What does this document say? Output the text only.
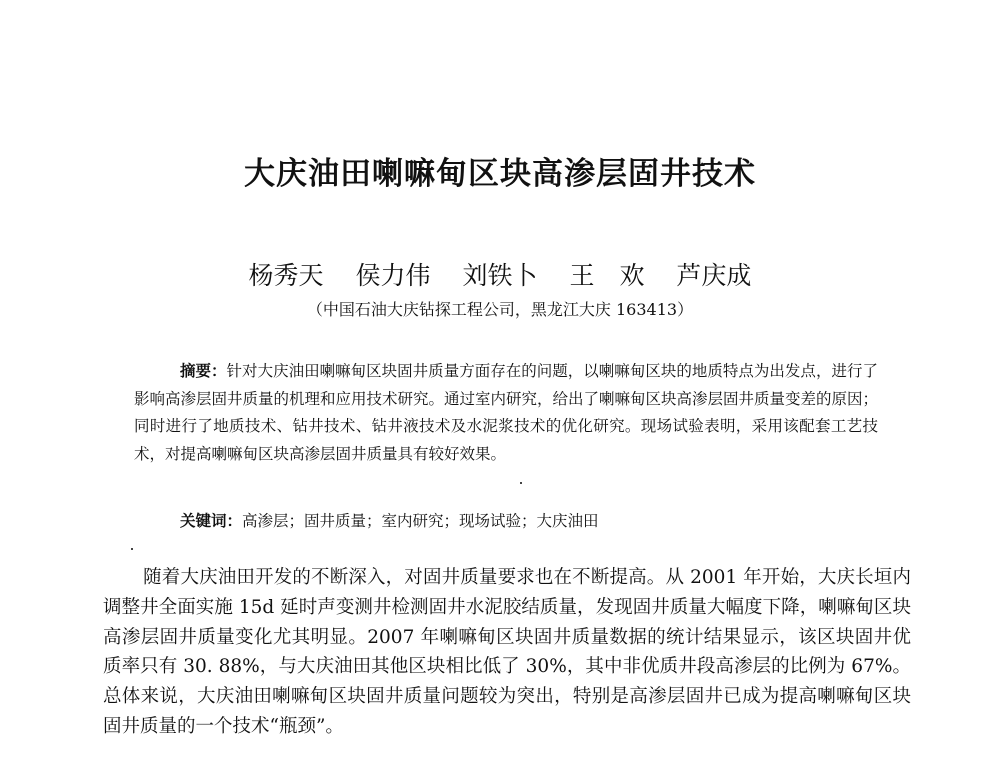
大庆油田喇嘛甸区块高渗层固井技术
杨秀天 侯力伟 刘铁卜 王　欢 芦庆成

（中国石油大庆钻探工程公司，黑龙江大庆 163413）

摘要：针对大庆油田喇嘛甸区块固井质量方面存在的问题，以喇嘛甸区块的地质特点为出发点，进行了影响高渗层固井质量的机理和应用技术研究。通过室内研究，给出了喇嘛甸区块高渗层固井质量变差的原因；同时进行了地质技术、钻井技术、钻井液技术及水泥浆技术的优化研究。现场试验表明，采用该配套工艺技术，对提高喇嘛甸区块高渗层固井质量具有较好效果。

关键词：高渗层；固井质量；室内研究；现场试验；大庆油田

随着大庆油田开发的不断深入，对固井质量要求也在不断提高。从 2001 年开始，大庆长垣内调整井全面实施 15d 延时声变测井检测固井水泥胶结质量，发现固井质量大幅度下降，喇嘛甸区块高渗层固井质量变化尤其明显。2007 年喇嘛甸区块固井质量数据的统计结果显示，该区块固井优质率只有 30. 88%，与大庆油田其他区块相比低了 30%，其中非优质井段高渗层的比例为 67%。总体来说，大庆油田喇嘛甸区块固井质量问题较为突出，特别是高渗层固井已成为提高喇嘛甸区块固井质量的一个技术“瓶颈”。
